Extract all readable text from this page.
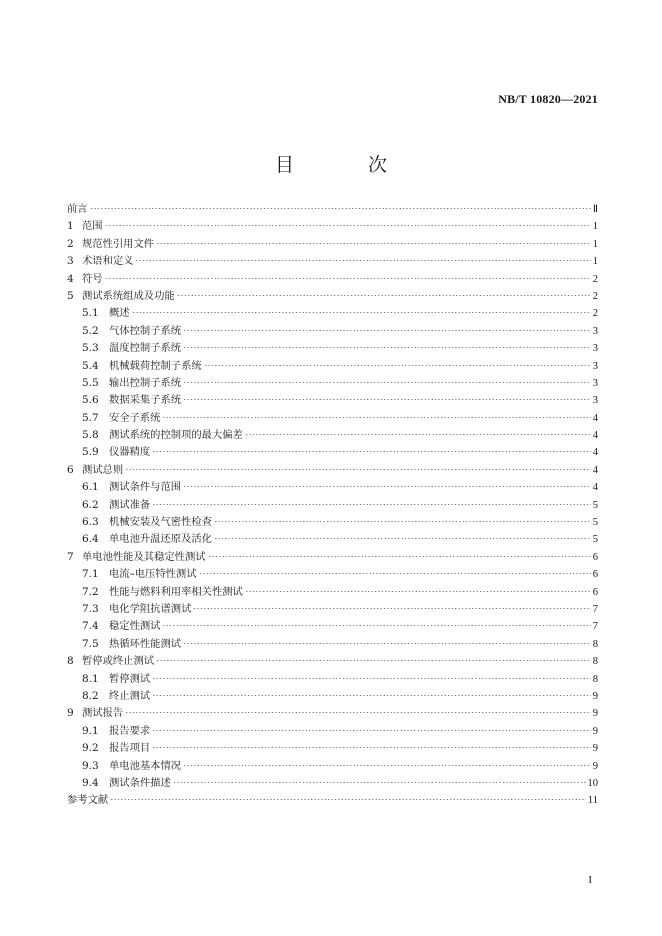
NB/T 10820—2021
目 次
前言	Ⅱ
1 范围	1
2 规范性引用文件	1
3 术语和定义	1
4 符号	2
5 测试系统组成及功能	2
5.1 概述	2
5.2 气体控制子系统	3
5.3 温度控制子系统	3
5.4 机械载荷控制子系统	3
5.5 输出控制子系统	3
5.6 数据采集子系统	3
5.7 安全子系统	4
5.8 测试系统的控制项的最大偏差	4
5.9 仪器精度	4
6 测试总则	4
6.1 测试条件与范围	4
6.2 测试准备	5
6.3 机械安装及气密性检查	5
6.4 单电池升温还原及活化	5
7 单电池性能及其稳定性测试	6
7.1 电流–电压特性测试	6
7.2 性能与燃料利用率相关性测试	6
7.3 电化学阻抗谱测试	7
7.4 稳定性测试	7
7.5 热循环性能测试	8
8 暂停或终止测试	8
8.1 暂停测试	8
8.2 终止测试	9
9 测试报告	9
9.1 报告要求	9
9.2 报告项目	9
9.3 单电池基本情况	9
9.4 测试条件描述	10
参考文献	11
I
